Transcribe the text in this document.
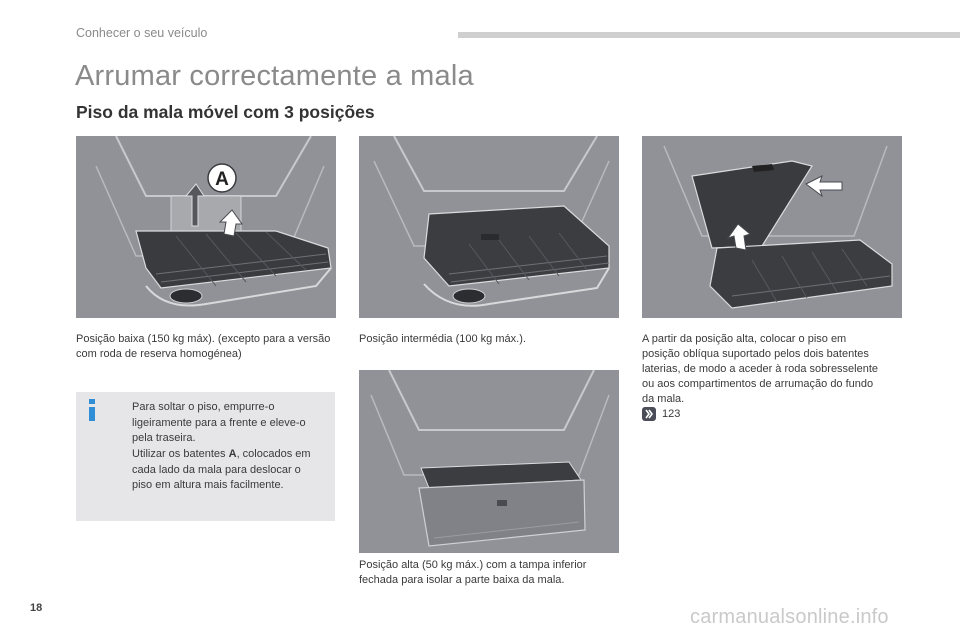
Conhecer o seu veículo
Arrumar correctamente a mala
Piso da mala móvel com 3 posições
A
Posição baixa (150 kg máx). (excepto para a versão com roda de reserva homogénea)
Posição intermédia (100 kg máx.).	A partir da posição alta, colocar o piso em posição oblíqua suportado pelos dois batentes laterias, de modo a aceder à roda sobresselente ou aos compartimentos de arrumação do fundo da mala.
Posição alta (50 kg máx.) com a tampa inferior fechada para isolar a parte baixa da mala.
Para soltar o piso, empurre-o ligeiramente para a frente e eleve-o pela traseira.
Utilizar os batentes A, colocados em cada lado da mala para deslocar o piso em altura mais facilmente.
123
18	carmanualsonline.info
